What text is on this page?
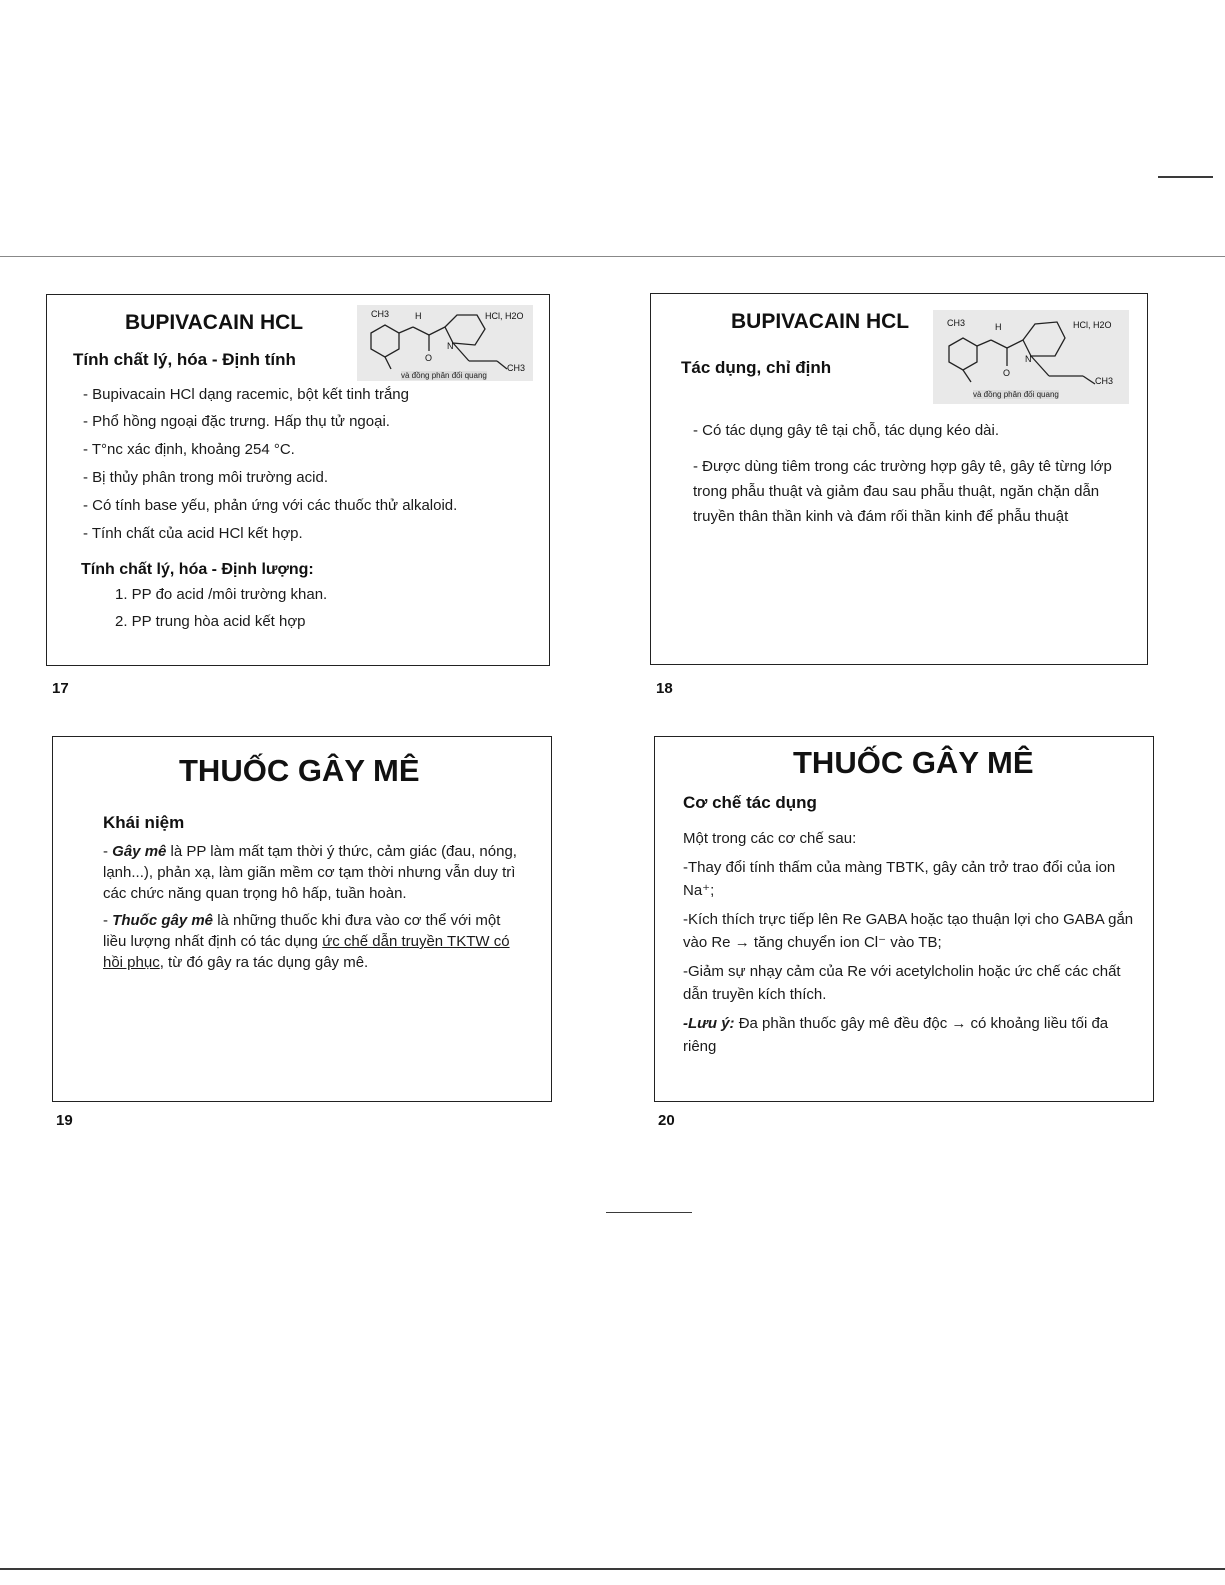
BUPIVACAIN HCL
Tính chất lý, hóa - Định tính
CH3	H	HCl, H2O
N
O
CH3
và đồng phân đối quang
- Bupivacain HCl dạng racemic, bột kết tinh trắng
- Phổ hồng ngoại đặc trưng. Hấp thụ tử ngoại.
- T°nc xác định, khoảng 254 °C.
- Bị thủy phân trong môi trường acid.
- Có tính base yếu, phản ứng với các thuốc thử alkaloid.
- Tính chất của acid HCl kết hợp.
Tính chất lý, hóa - Định lượng:
1. PP đo acid /môi trường khan.
2. PP trung hòa acid kết hợp
17
BUPIVACAIN HCL
Tác dụng, chỉ định
CH3	H	HCl, H2O
N
O
CH3
và đồng phân đối quang
- Có tác dụng gây tê tại chỗ, tác dụng kéo dài.
- Được dùng tiêm trong các trường hợp gây tê, gây tê từng lớp trong phẫu thuật và giảm đau sau phẫu thuật, ngăn chặn dẫn truyền thân thần kinh và đám rối thần kinh để phẫu thuật
18
THUỐC GÂY MÊ
Khái niệm

- Gây mê là PP làm mất tạm thời ý thức, cảm giác (đau, nóng, lạnh...), phản xạ, làm giãn mềm cơ tạm thời nhưng vẫn duy trì các chức năng quan trọng hô hấp, tuần hoàn.

- Thuốc gây mê là những thuốc khi đưa vào cơ thể với một liều lượng nhất định có tác dụng ức chế dẫn truyền TKTW có hồi phục, từ đó gây ra tác dụng gây mê.

19
THUỐC GÂY MÊ
Cơ chế tác dụng

Một trong các cơ chế sau:

-Thay đổi tính thấm của màng TBTK, gây cản trở trao đổi của ion Na⁺;

-Kích thích trực tiếp lên Re GABA hoặc tạo thuận lợi cho GABA gắn vào Re → tăng chuyển ion Cl⁻ vào TB;

-Giảm sự nhạy cảm của Re với acetylcholin hoặc ức chế các chất dẫn truyền kích thích.

-Lưu ý: Đa phần thuốc gây mê đều độc → có khoảng liều tối đa riêng

20
